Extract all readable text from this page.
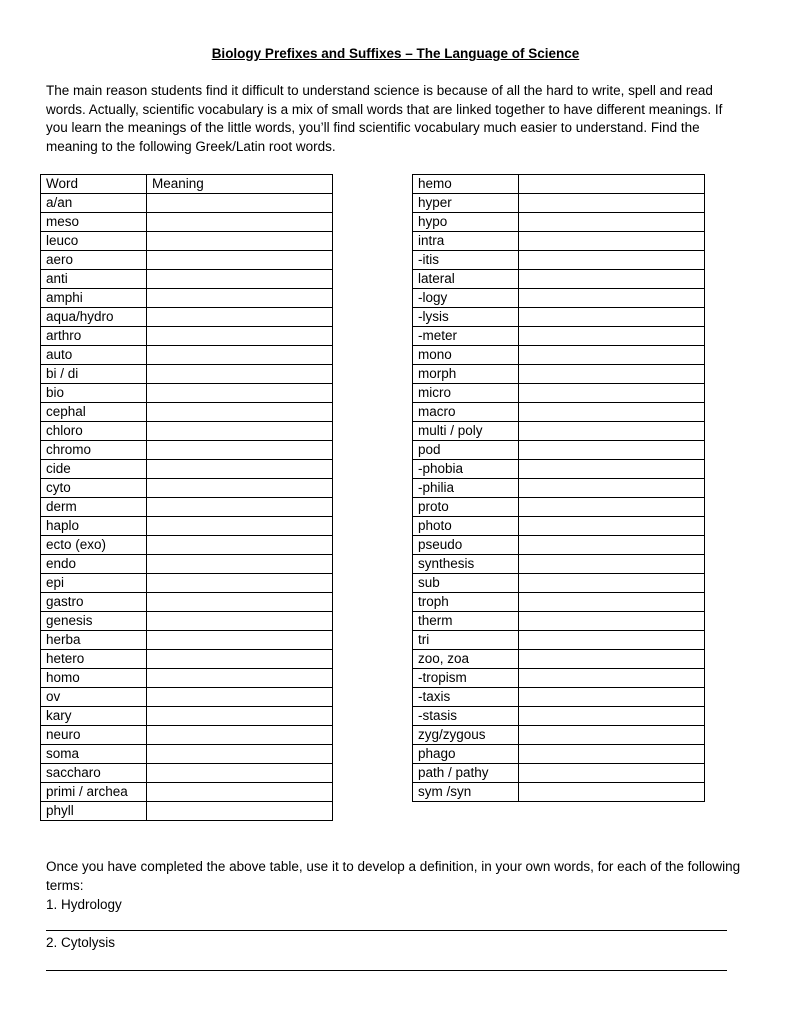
Biology Prefixes and Suffixes – The Language of Science

The main reason students find it difficult to understand science is because of all the hard to write, spell and read words. Actually, scientific vocabulary is a mix of small words that are linked together to have different meanings. If you learn the meanings of the little words, you’ll find scientific vocabulary much easier to understand. Find the meaning to the following Greek/Latin root words.

Word	Meaning
a/an	
meso	
leuco	
aero	
anti	
amphi	
aqua/hydro	
arthro	
auto	
bi / di	
bio	
cephal	
chloro	
chromo	
cide	
cyto	
derm	
haplo	
ecto (exo)	
endo	
epi	
gastro	
genesis	
herba	
hetero	
homo	
ov	
kary	
neuro	
soma	
saccharo	
primi / archea	
phyll	
hemo	
hyper	
hypo	
intra	
-itis	
lateral	
-logy	
-lysis	
-meter	
mono	
morph	
micro	
macro	
multi / poly	
pod	
-phobia	
-philia	
proto	
photo	
pseudo	
synthesis	
sub	
troph	
therm	
tri	
zoo, zoa	
-tropism	
-taxis	
-stasis	
zyg/zygous	
phago	
path / pathy	
sym /syn	

Once you have completed the above table, use it to develop a definition, in your own words, for each of the following terms:

1. Hydrology
2. Cytolysis
